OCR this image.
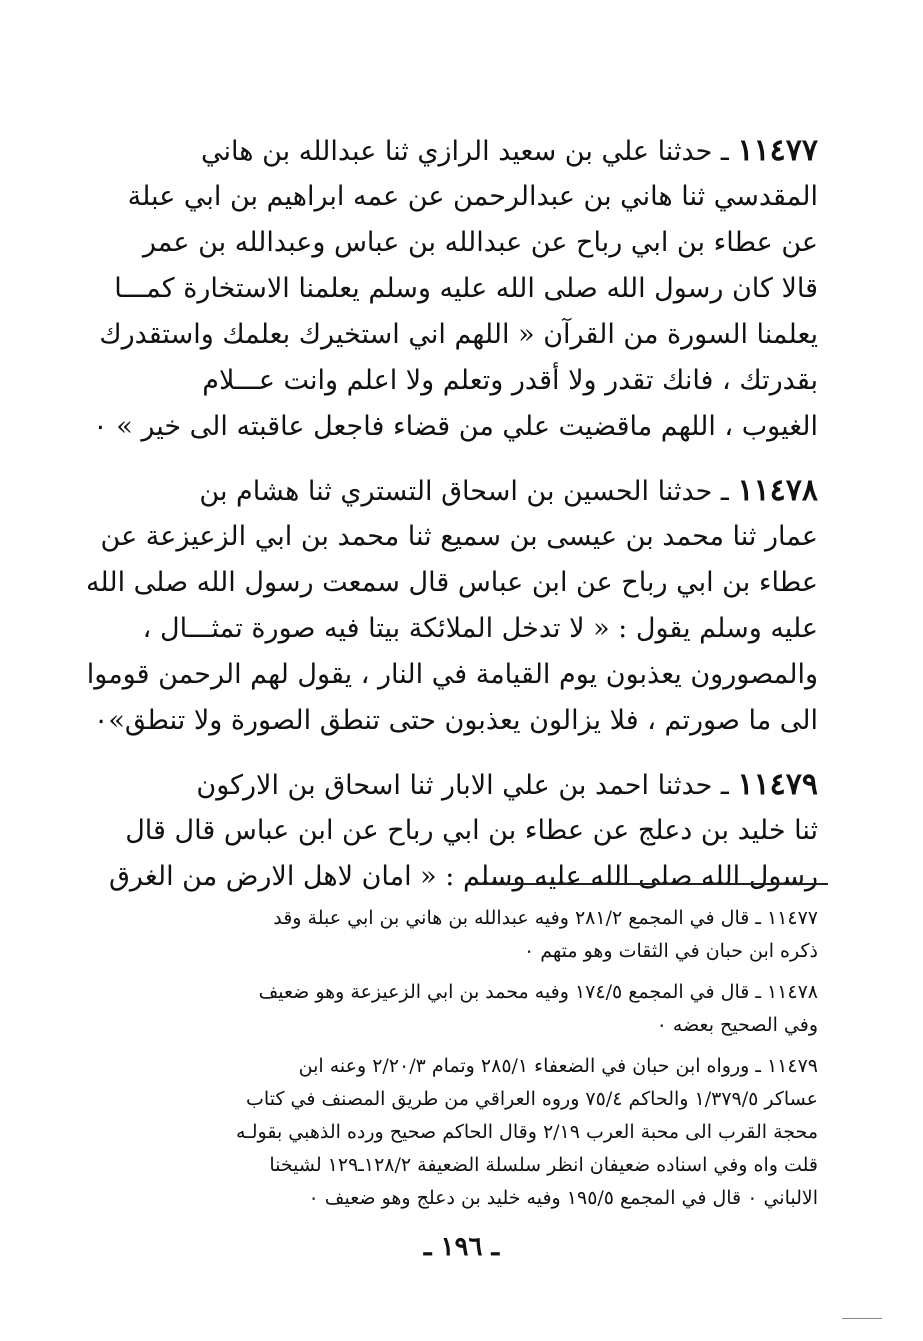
١١٤٧٧ ـ حدثنا علي بن سعيد الرازي ثنا عبدالله بن هاني
المقدسي ثنا هاني بن عبدالرحمن عن عمه ابراهيم بن ابي عبلة
عن عطاء بن ابي رباح عن عبدالله بن عباس وعبدالله بن عمر
قالا كان رسول الله صلى الله عليه وسلم يعلمنا الاستخارة كمـــا
يعلمنا السورة من القرآن « اللهم اني استخيرك بعلمك واستقدرك
بقدرتك ، فانك تقدر ولا أقدر وتعلم ولا اعلم وانت عـــلام
الغيوب ، اللهم ماقضيت علي من قضاء فاجعل عاقبته الى خير » ٠
١١٤٧٨ ـ حدثنا الحسين بن اسحاق التستري ثنا هشام بن
عمار ثنا محمد بن عيسى بن سميع ثنا محمد بن ابي الزعيزعة عن
عطاء بن ابي رباح عن ابن عباس قال سمعت رسول الله صلى الله
عليه وسلم يقول : « لا تدخل الملائكة بيتا فيه صورة تمثـــال ،
والمصورون يعذبون يوم القيامة في النار ، يقول لهم الرحمن قوموا
الى ما صورتم ، فلا يزالون يعذبون حتى تنطق الصورة ولا تنطق»٠
١١٤٧٩ ـ حدثنا احمد بن علي الابار ثنا اسحاق بن الاركون
ثنا خليد بن دعلج عن عطاء بن ابي رباح عن ابن عباس قال قال
رسول الله صلى الله عليه وسلم : « امان لاهل الارض من الغرق
١١٤٧٧ ـ قال في المجمع ٢٨١/٢ وفيه عبدالله بن هاني بن ابي عبلة وقد
ذكره ابن حبان في الثقات وهو متهم ٠
١١٤٧٨ ـ قال في المجمع ١٧٤/٥ وفيه محمد بن ابي الزعيزعة وهو ضعيف
وفي الصحيح بعضه ٠
١١٤٧٩ ـ ورواه ابن حبان في الضعفاء ٢٨٥/١ وتمام ٢/٢٠/٣ وعنه ابن
عساكر ١/٣٧٩/٥ والحاكم ٧٥/٤ وروه العراقي من طريق المصنف في كتاب
محجة القرب الى محبة العرب ٢/١٩ وقال الحاكم صحيح ورده الذهبي بقولـه
قلت واه وفي اسناده ضعيفان انظر سلسلة الضعيفة ١٢٨/٢ـ١٢٩ لشيخنا
الالباني ٠ قال في المجمع ١٩٥/٥ وفيه خليد بن دعلج وهو ضعيف ٠
ـ ١٩٦ ـ
